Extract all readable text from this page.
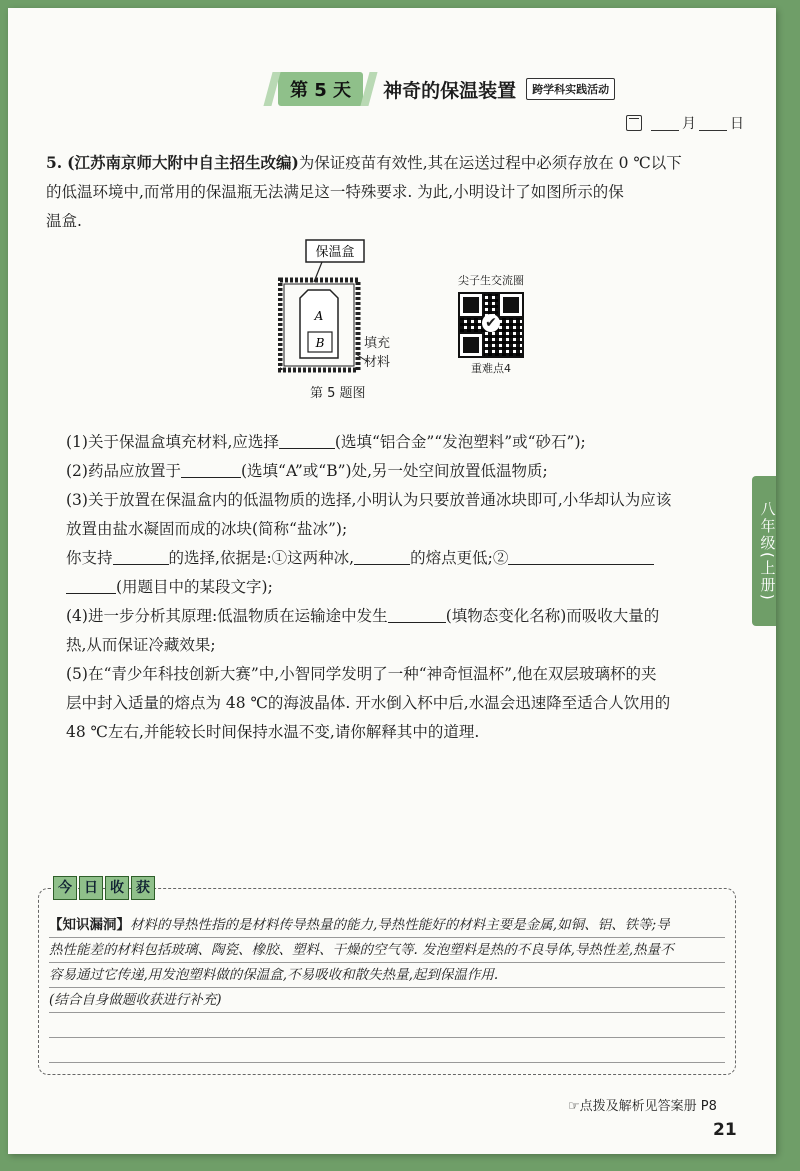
第 5 天	神奇的保温装置	跨学科实践活动
月 日
5. (江苏南京师大附中自主招生改编)为保证疫苗有效性,其在运送过程中必须存放在 0 ℃以下
的低温环境中,而常用的保温瓶无法满足这一特殊要求. 为此,小明设计了如图所示的保
温盒.
(1)关于保温盒填充材料,应选择	(选填“铝合金”“发泡塑料”或“砂石”);
(2)药品应放置于	(选填“A”或“B”)处,另一处空间放置低温物质;
(3)关于放置在保温盒内的低温物质的选择,小明认为只要放普通冰块即可,小华却认为应该
放置由盐水凝固而成的冰块(简称“盐冰”);
你支持	的选择,依据是:①这两种冰,	的熔点更低;②
(用题目中的某段文字);
(4)进一步分析其原理:低温物质在运输途中发生	(填物态变化名称)而吸收大量的
热,从而保证冷藏效果;
(5)在“青少年科技创新大赛”中,小智同学发明了一种“神奇恒温杯”,他在双层玻璃杯的夹
层中封入适量的熔点为 48 ℃的海波晶体. 开水倒入杯中后,水温会迅速降至适合人饮用的
48 ℃左右,并能较长时间保持水温不变,请你解释其中的道理.
保温盒
A
B	填充
材料
第 5 题图
尖子生交流圈
✔
重难点4
八年级(上册)
今 日 收 获
【知识漏洞】材料的导热性指的是材料传导热量的能力,导热性能好的材料主要是金属,如铜、铝、铁等;导
热性能差的材料包括玻璃、陶瓷、橡胶、塑料、干燥的空气等. 发泡塑料是热的不良导体,导热性差,热量不
容易通过它传递,用发泡塑料做的保温盒,不易吸收和散失热量,起到保温作用.
(结合自身做题收获进行补充)
☞点拨及解析见答案册 P8
21
